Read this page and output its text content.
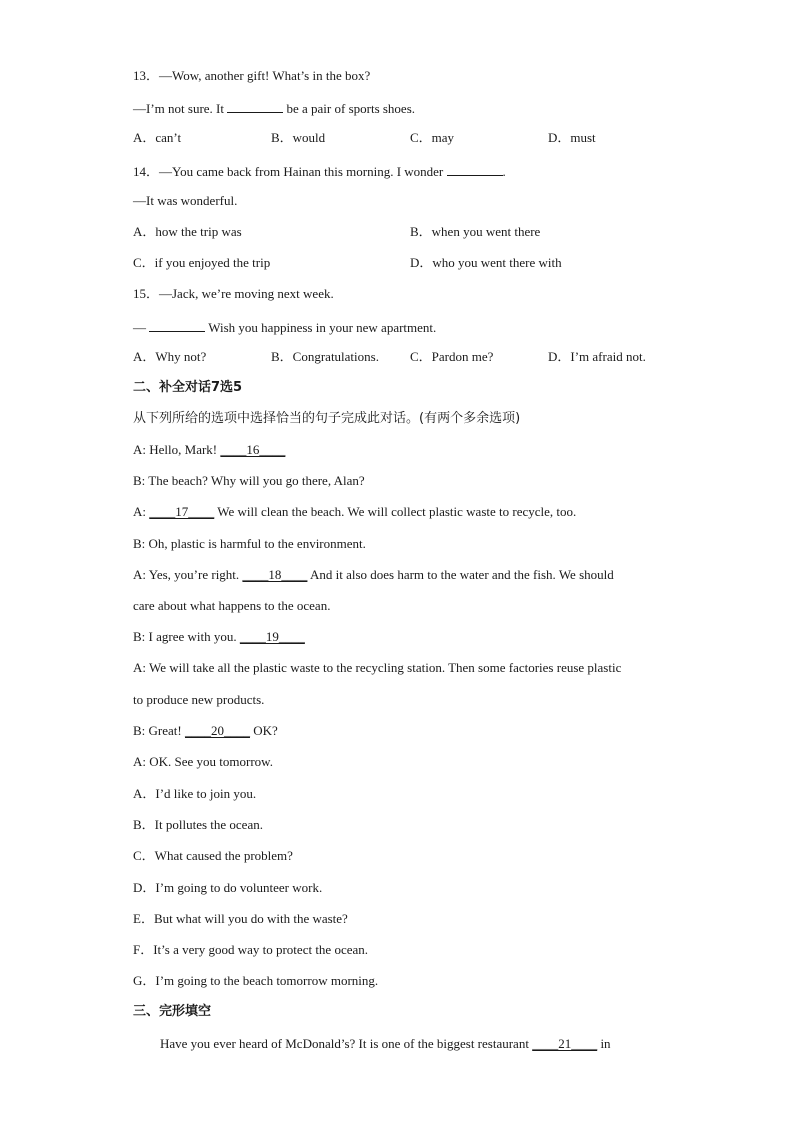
13．—Wow, another gift! What’s in the box?
—I’m not sure. It	be a pair of sports shoes.
A．can’t	B．would	C．may	D．must
14．—You came back from Hainan this morning. I wonder	.
—It was wonderful.
A．how the trip was	B．when you went there
C．if you enjoyed the trip	D．who you went there with
15．—Jack, we’re moving next week.
—	Wish you happiness in your new apartment.
A．Why not?	B．Congratulations. C．Pardon me?	D．I’m afraid not.
二、补全对话7选5
从下列所给的选项中选择恰当的句子完成此对话。(有两个多余选项)
A: Hello, Mark! ____16____
B: The beach? Why will you go there, Alan?
A: ____17____ We will clean the beach. We will collect plastic waste to recycle, too.
B: Oh, plastic is harmful to the environment.
A: Yes, you’re right. ____18____ And it also does harm to the water and the fish. We should
care about what happens to the ocean.
B: I agree with you. ____19____
A: We will take all the plastic waste to the recycling station. Then some factories reuse plastic
to produce new products.
B: Great! ____20____ OK?
A: OK. See you tomorrow.
A．I’d like to join you.
B．It pollutes the ocean.
C．What caused the problem?
D．I’m going to do volunteer work.
E．But what will you do with the waste?
F．It’s a very good way to protect the ocean.
G．I’m going to the beach tomorrow morning.
三、完形填空
Have you ever heard of McDonald’s? It is one of the biggest restaurant ____21____ in
